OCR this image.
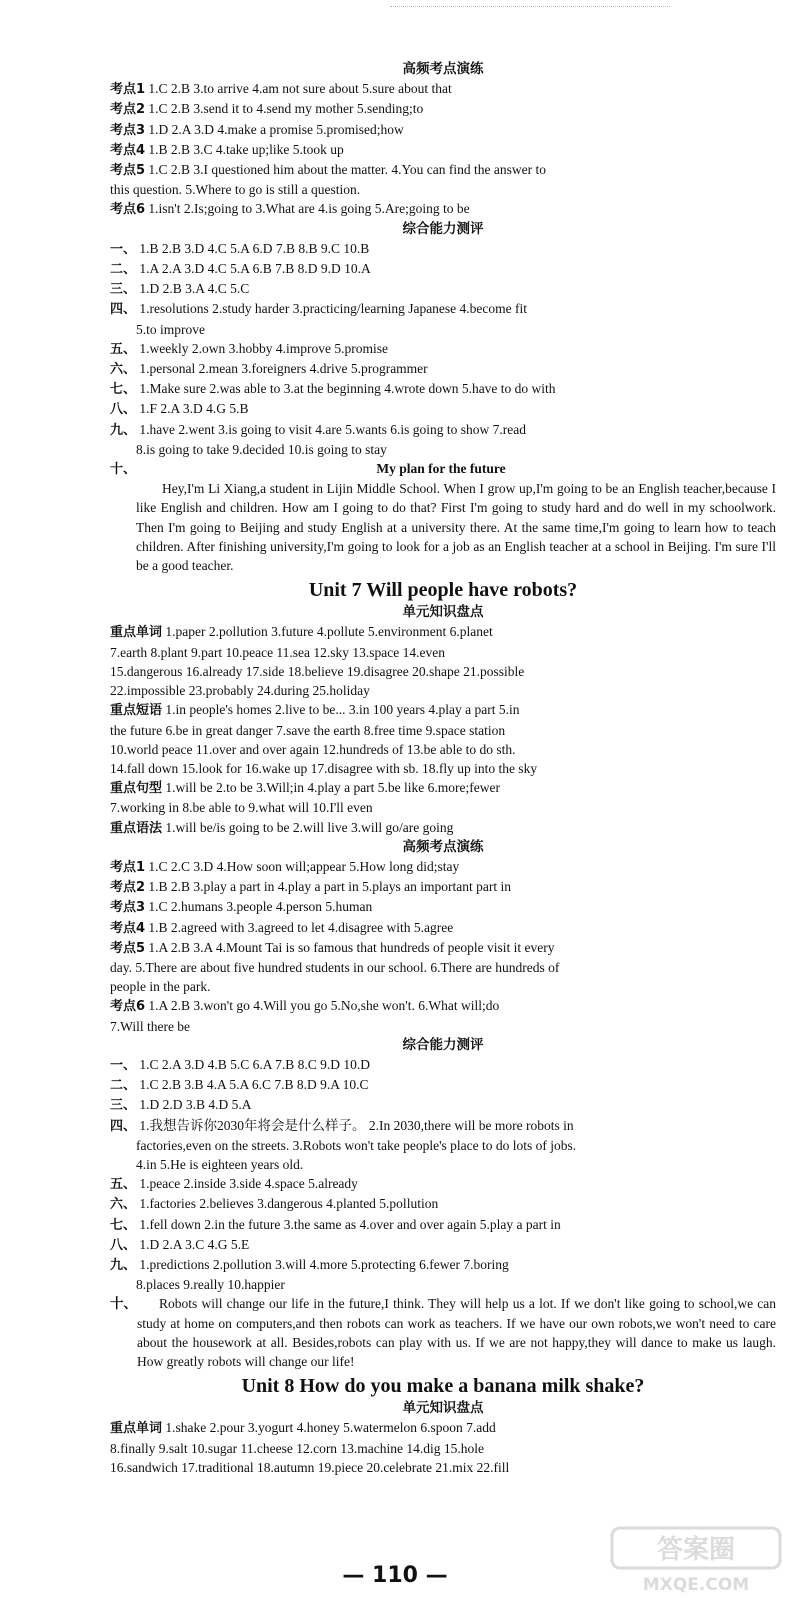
高频考点演练
考点1 1.C 2.B 3.to arrive 4.am not sure about 5.sure about that
考点2 1.C 2.B 3.send it to 4.send my mother 5.sending;to
考点3 1.D 2.A 3.D 4.make a promise 5.promised;how
考点4 1.B 2.B 3.C 4.take up;like 5.took up
考点5 1.C 2.B 3.I questioned him about the matter. 4.You can find the answer to
this question. 5.Where to go is still a question.
考点6 1.isn't 2.Is;going to 3.What are 4.is going 5.Are;going to be
综合能力测评
一、 1.B 2.B 3.D 4.C 5.A 6.D 7.B 8.B 9.C 10.B
二、 1.A 2.A 3.D 4.C 5.A 6.B 7.B 8.D 9.D 10.A
三、 1.D 2.B 3.A 4.C 5.C
四、 1.resolutions 2.study harder 3.practicing/learning Japanese 4.become fit
5.to improve
五、 1.weekly 2.own 3.hobby 4.improve 5.promise
六、 1.personal 2.mean 3.foreigners 4.drive 5.programmer
七、 1.Make sure 2.was able to 3.at the beginning 4.wrote down 5.have to do with
八、 1.F 2.A 3.D 4.G 5.B
九、 1.have 2.went 3.is going to visit 4.are 5.wants 6.is going to show 7.read
8.is going to take 9.decided 10.is going to stay
十、	My plan for the future
Hey,I'm Li Xiang,a student in Lijin Middle School. When I grow up,I'm going to be an English teacher,because I like English and children. How am I going to do that? First I'm going to study hard and do well in my schoolwork. Then I'm going to Beijing and study English at a university there. At the same time,I'm going to learn how to teach children. After finishing university,I'm going to look for a job as an English teacher at a school in Beijing. I'm sure I'll be a good teacher.
Unit 7 Will people have robots?
单元知识盘点
重点单词 1.paper 2.pollution 3.future 4.pollute 5.environment 6.planet
7.earth 8.plant 9.part 10.peace 11.sea 12.sky 13.space 14.even
15.dangerous 16.already 17.side 18.believe 19.disagree 20.shape 21.possible
22.impossible 23.probably 24.during 25.holiday
重点短语 1.in people's homes 2.live to be... 3.in 100 years 4.play a part 5.in
the future 6.be in great danger 7.save the earth 8.free time 9.space station
10.world peace 11.over and over again 12.hundreds of 13.be able to do sth.
14.fall down 15.look for 16.wake up 17.disagree with sb. 18.fly up into the sky
重点句型 1.will be 2.to be 3.Will;in 4.play a part 5.be like 6.more;fewer
7.working in 8.be able to 9.what will 10.I'll even
重点语法 1.will be/is going to be 2.will live 3.will go/are going
高频考点演练
考点1 1.C 2.C 3.D 4.How soon will;appear 5.How long did;stay
考点2 1.B 2.B 3.play a part in 4.play a part in 5.plays an important part in
考点3 1.C 2.humans 3.people 4.person 5.human
考点4 1.B 2.agreed with 3.agreed to let 4.disagree with 5.agree
考点5 1.A 2.B 3.A 4.Mount Tai is so famous that hundreds of people visit it every
day. 5.There are about five hundred students in our school. 6.There are hundreds of
people in the park.
考点6 1.A 2.B 3.won't go 4.Will you go 5.No,she won't. 6.What will;do
7.Will there be
综合能力测评
一、 1.C 2.A 3.D 4.B 5.C 6.A 7.B 8.C 9.D 10.D
二、 1.C 2.B 3.B 4.A 5.A 6.C 7.B 8.D 9.A 10.C
三、 1.D 2.D 3.B 4.D 5.A
四、 1.我想告诉你2030年将会是什么样子。 2.In 2030,there will be more robots in
factories,even on the streets. 3.Robots won't take people's place to do lots of jobs.
4.in 5.He is eighteen years old.
五、 1.peace 2.inside 3.side 4.space 5.already
六、 1.factories 2.believes 3.dangerous 4.planted 5.pollution
七、 1.fell down 2.in the future 3.the same as 4.over and over again 5.play a part in
八、 1.D 2.A 3.C 4.G 5.E
九、 1.predictions 2.pollution 3.will 4.more 5.protecting 6.fewer 7.boring
8.places 9.really 10.happier
十、	Robots will change our life in the future,I think. They will help us a lot. If we don't like going to school,we can study at home on computers,and then robots can work as teachers. If we have our own robots,we won't need to care about the housework at all. Besides,robots can play with us. If we are not happy,they will dance to make us laugh. How greatly robots will change our life!
Unit 8 How do you make a banana milk shake?
单元知识盘点
重点单词 1.shake 2.pour 3.yogurt 4.honey 5.watermelon 6.spoon 7.add
8.finally 9.salt 10.sugar 11.cheese 12.corn 13.machine 14.dig 15.hole
16.sandwich 17.traditional 18.autumn 19.piece 20.celebrate 21.mix 22.fill
— 110 —
答案圈
MXQE.COM
